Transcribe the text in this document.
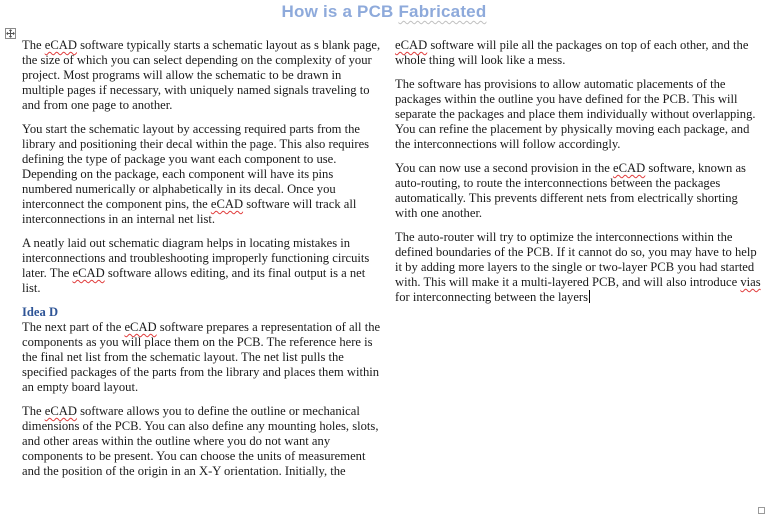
How is a PCB Fabricated

The eCAD software typically starts a schematic layout as s blank page, the size of which you can select depending on the complexity of your project. Most programs will allow the schematic to be drawn in multiple pages if necessary, with uniquely named signals traveling to and from one page to another.

You start the schematic layout by accessing required parts from the library and positioning their decal within the page. This also requires defining the type of package you want each component to use. Depending on the package, each component will have its pins numbered numerically or alphabetically in its decal. Once you interconnect the component pins, the eCAD software will track all interconnections in an internal net list.

A neatly laid out schematic diagram helps in locating mistakes in interconnections and troubleshooting improperly functioning circuits later. The eCAD software allows editing, and its final output is a net list.

Idea D

The next part of the eCAD software prepares a representation of all the components as you will place them on the PCB. The reference here is the final net list from the schematic layout. The net list pulls the specified packages of the parts from the library and places them within an empty board layout.

The eCAD software allows you to define the outline or mechanical dimensions of the PCB. You can also define any mounting holes, slots, and other areas within the outline where you do not want any components to be present. You can choose the units of measurement and the position of the origin in an X-Y orientation. Initially, the

eCAD software will pile all the packages on top of each other, and the whole thing will look like a mess.

The software has provisions to allow automatic placements of the packages within the outline you have defined for the PCB. This will separate the packages and place them individually without overlapping. You can refine the placement by physically moving each package, and the interconnections will follow accordingly.

You can now use a second provision in the eCAD software, known as auto-routing, to route the interconnections between the packages automatically. This prevents different nets from electrically shorting with one another.

The auto-router will try to optimize the interconnections within the defined boundaries of the PCB. If it cannot do so, you may have to help it by adding more layers to the single or two-layer PCB you had started with. This will make it a multi-layered PCB, and will also introduce vias for interconnecting between the layers
